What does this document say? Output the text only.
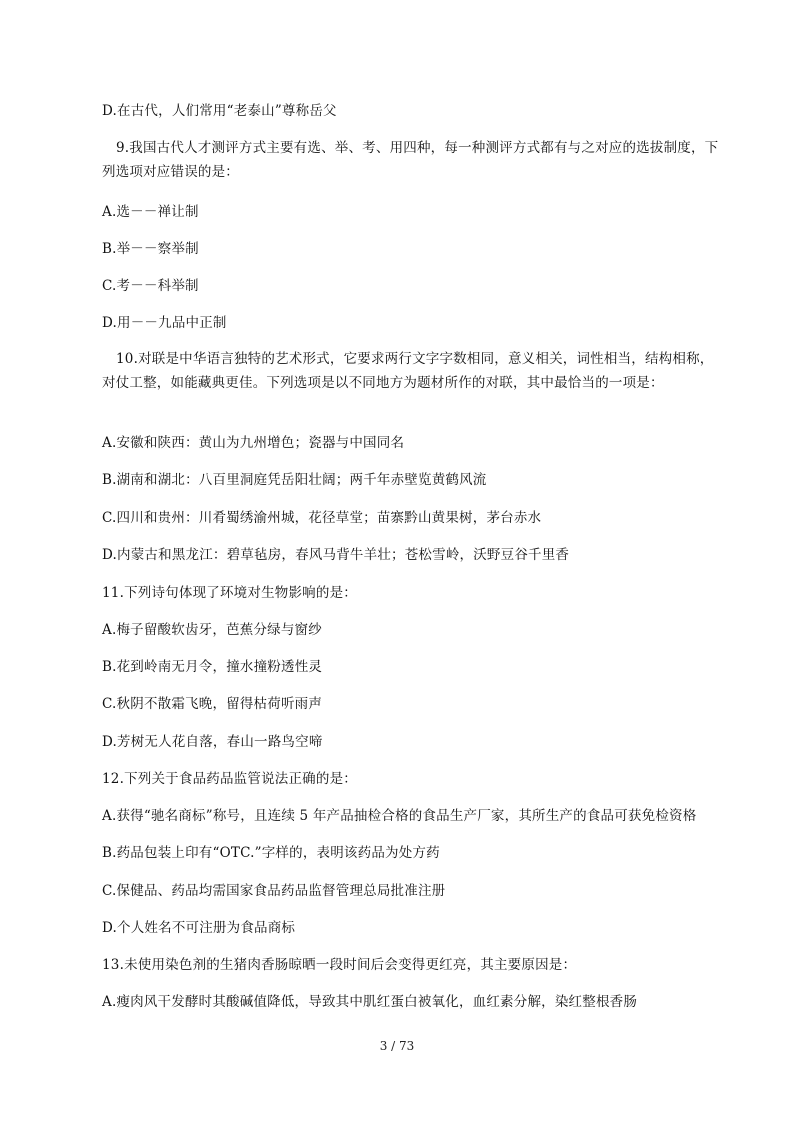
D.在古代，人们常用“老泰山”尊称岳父
9.我国古代人才测评方式主要有选、举、考、用四种，每一种测评方式都有与之对应的选拔制度，下
列选项对应错误的是：
A.选－－禅让制
B.举－－察举制
C.考－－科举制
D.用－－九品中正制
10.对联是中华语言独特的艺术形式，它要求两行文字字数相同，意义相关，词性相当，结构相称，
对仗工整，如能藏典更佳。下列选项是以不同地方为题材所作的对联，其中最恰当的一项是：
A.安徽和陕西：黄山为九州增色；瓷器与中国同名
B.湖南和湖北：八百里洞庭凭岳阳壮阔；两千年赤壁览黄鹤风流
C.四川和贵州：川肴蜀绣渝州城，花径草堂；苗寨黔山黄果树，茅台赤水
D.内蒙古和黑龙江：碧草毡房，春风马背牛羊壮；苍松雪岭，沃野豆谷千里香
11.下列诗句体现了环境对生物影响的是：
A.梅子留酸软齿牙，芭蕉分绿与窗纱
B.花到岭南无月令，撞水撞粉透性灵
C.秋阴不散霜飞晚，留得枯荷听雨声
D.芳树无人花自落，春山一路鸟空啼
12.下列关于食品药品监管说法正确的是：
A.获得“驰名商标”称号，且连续 5 年产品抽检合格的食品生产厂家，其所生产的食品可获免检资格
B.药品包装上印有“OTC.”字样的，表明该药品为处方药
C.保健品、药品均需国家食品药品监督管理总局批准注册
D.个人姓名不可注册为食品商标
13.未使用染色剂的生猪肉香肠晾晒一段时间后会变得更红亮，其主要原因是：
A.瘦肉风干发酵时其酸碱值降低，导致其中肌红蛋白被氧化，血红素分解，染红整根香肠
3 / 73
